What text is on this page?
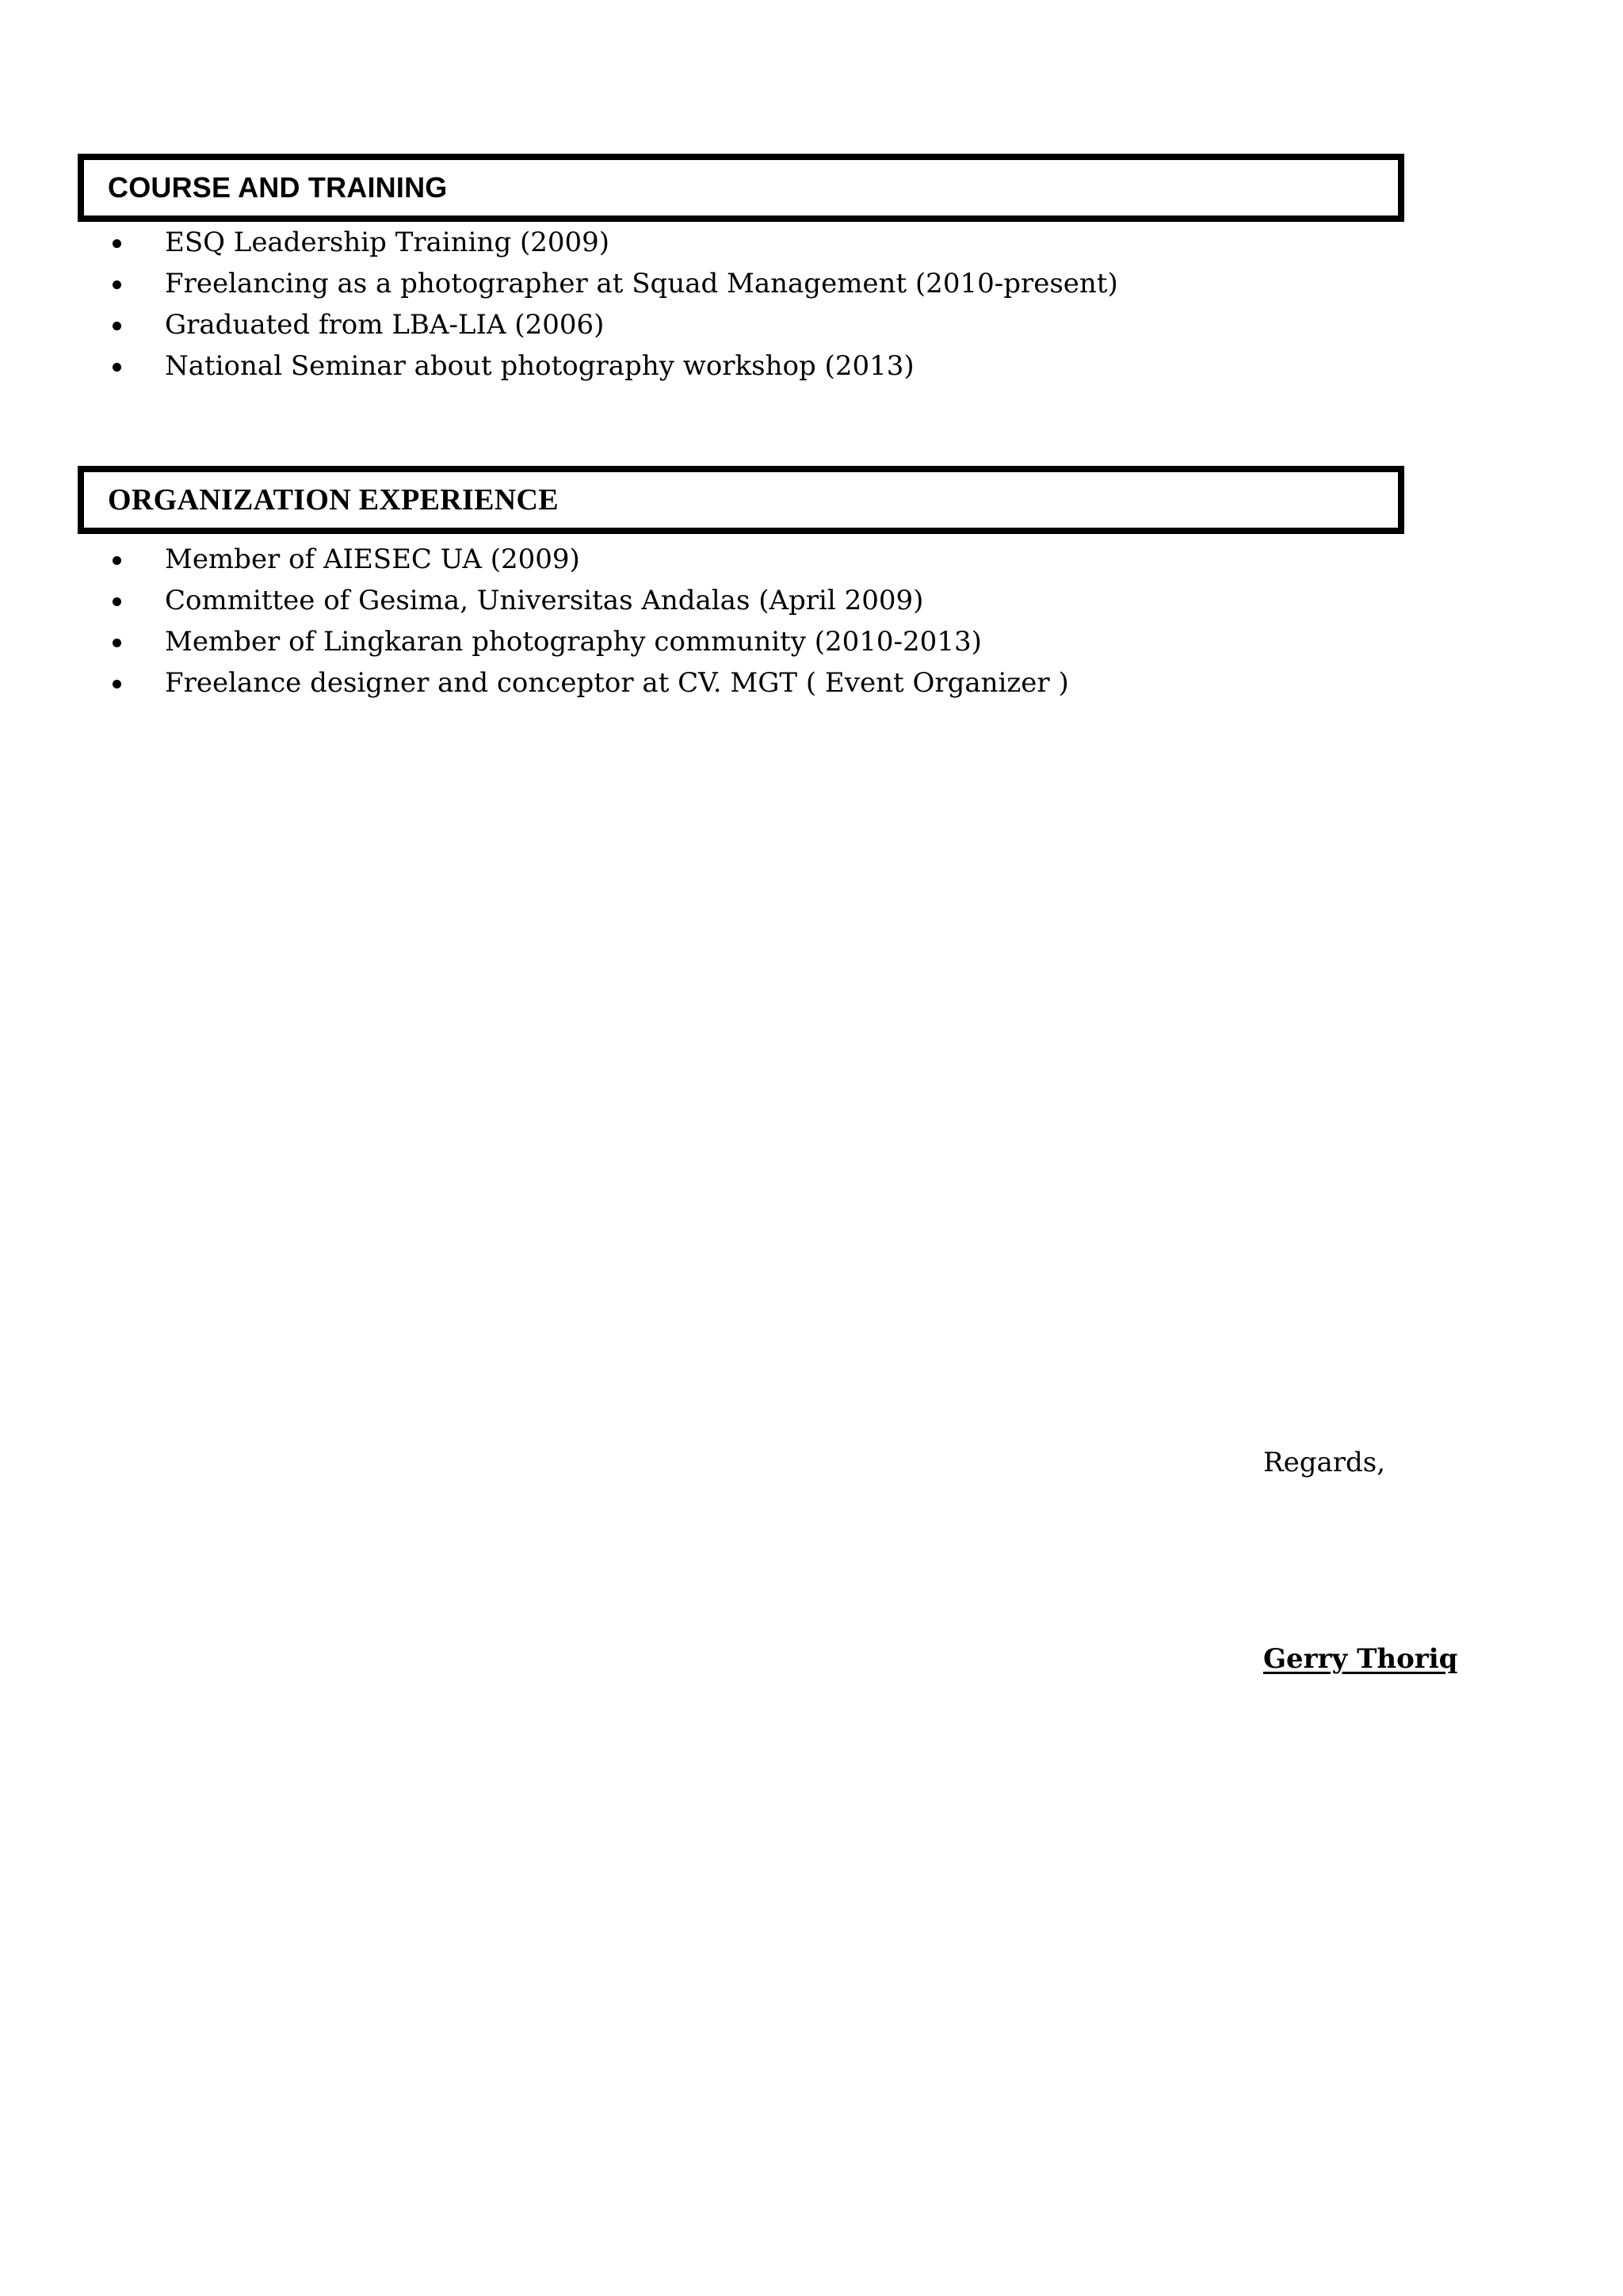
COURSE AND TRAINING
ESQ Leadership Training (2009)
Freelancing as a photographer at Squad Management (2010-present)
Graduated from LBA-LIA (2006)
National Seminar about photography workshop (2013)
ORGANIZATION EXPERIENCE
Member of AIESEC UA (2009)
Committee of Gesima, Universitas Andalas (April 2009)
Member of Lingkaran photography community (2010-2013)
Freelance designer and conceptor at CV. MGT ( Event Organizer )
Regards,
Gerry Thoriq
